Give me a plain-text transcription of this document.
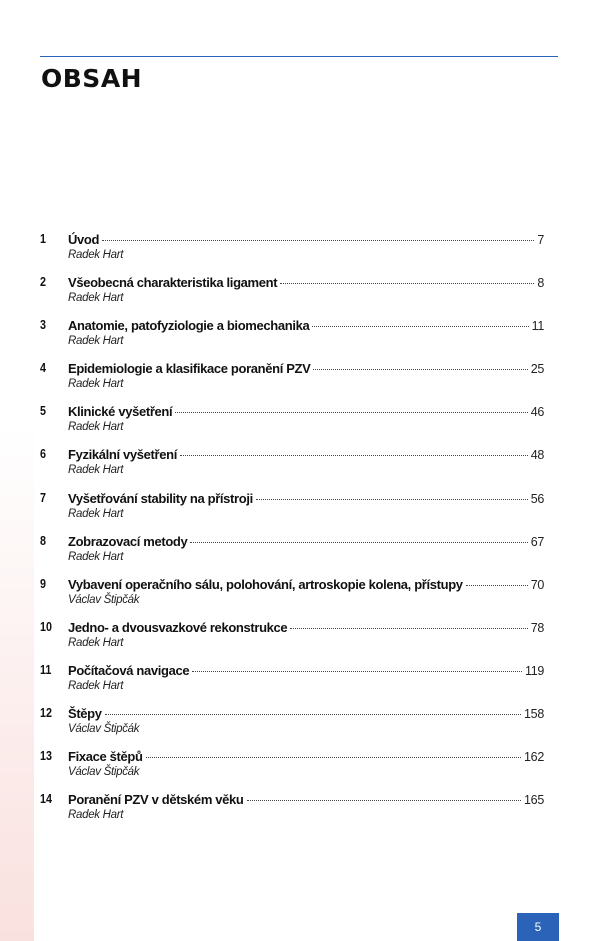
OBSAH
1	Úvod	7
Radek Hart
2	Všeobecná charakteristika ligament	8
Radek Hart
3	Anatomie, patofyziologie a biomechanika	11
Radek Hart
4	Epidemiologie a klasifikace poranění PZV	25
Radek Hart
5	Klinické vyšetření	46
Radek Hart
6	Fyzikální vyšetření	48
Radek Hart
7	Vyšetřování stability na přístroji	56
Radek Hart
8	Zobrazovací metody	67
Radek Hart
9	Vybavení operačního sálu, polohování, artroskopie kolena, přístupy	70
Václav Štipčák
10	Jedno- a dvousvazkové rekonstrukce	78
Radek Hart
11	Počítačová navigace	119
Radek Hart
12	Štěpy	158
Václav Štipčák
13	Fixace štěpů	162
Václav Štipčák
14	Poranění PZV v dětském věku	165
Radek Hart
5
